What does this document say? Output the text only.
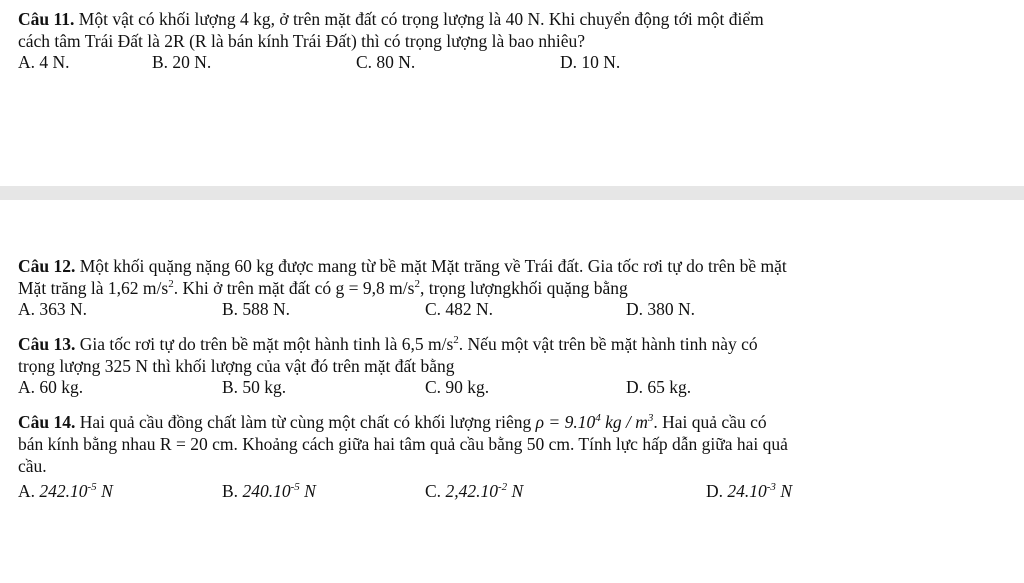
Câu 11. Một vật có khối lượng 4 kg, ở trên mặt đất có trọng lượng là 40 N. Khi chuyển động tới một điểm
cách tâm Trái Đất là 2R (R là bán kính Trái Đất) thì có trọng lượng là bao nhiêu?
A. 4 N.	B. 20 N.	C. 80 N.	D. 10 N.
Câu 12. Một khối quặng nặng 60 kg được mang từ bề mặt Mặt trăng về Trái đất. Gia tốc rơi tự do trên bề mặt
Mặt trăng là 1,62 $m/s^2$. Khi ở trên mặt đất có g = 9,8 $m/s^2$, trọng lượngkhối quặng bằng
A. 363 N.	B. 588 N.	C. 482 N.	D. 380 N.
Câu 13. Gia tốc rơi tự do trên bề mặt một hành tinh là 6,5 $m/s^2$. Nếu một vật trên bề mặt hành tinh này có
trọng lượng 325 N thì khối lượng của vật đó trên mặt đất bằng
A. 60 kg.	B. 50 kg.	C. 90 kg.	D. 65 kg.
Câu 14. Hai quả cầu đồng chất làm từ cùng một chất có khối lượng riêng $\rho = 9.10^4$ kg / $m^3$. Hai quả cầu có
bán kính bằng nhau R = 20 cm. Khoảng cách giữa hai tâm quả cầu bằng 50 cm. Tính lực hấp dẫn giữa hai quả
cầu.
A. $242.10^{-5}$ N	B. $240.10^{-5}$ N	C. $2,42.10^{-2}$ N	D. $24.10^{-3}$ N
